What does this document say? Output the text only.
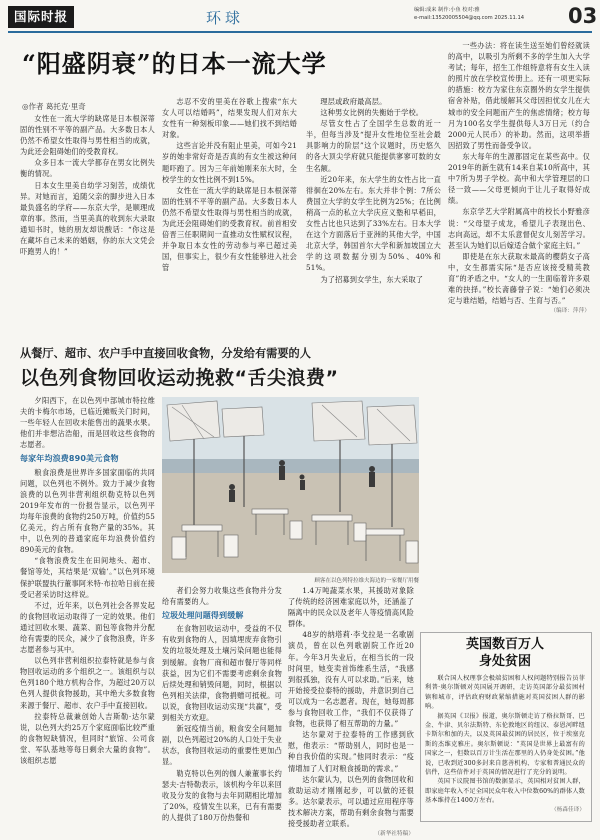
国际时报	环球	编辑:成来 制作:小鱼 校对:雅
e-mail:13520005504@qq.com 2025.11.14 03
“阳盛阴衰”的日本一流大学
◎作者 葛托克·里奇

女性在一流大学的缺席是日本根深蒂固的性别不平等的副产品。大多数日本人仍然不希望女性取得与男性相当的成就，为此还会阻碍她们的受教育权。

众多日本一流大学都存在男女比例失衡的情况。

日本女生里美自幼学习刻苦，成绩优异。对她而言，追随父亲的脚步进入日本最负盛名的学府——东京大学，是顺理成章的事。然而，当里美真的收到东大录取通知书时，她的朋友却说酸话：“你这是在藏坏自己未来的婚姻，你的东大文凭会吓跑男人的！”

志忍不安的里美在谷歌上搜索“东大女人可以结婚吗”，结果发现人们对东大女性有一种刻板印象——她们找不到结婚对象。

这些言论并没有阻止里美，可如今21岁的她非常好奇是否真的有女生被这种问题吓跑了。因为三年前她刚来东大时，全校学生的女性比例不到15%。

女性在一流大学的缺席是日本根深蒂固的性别不平等的副产品。大多数日本人仍然不希望女性取得与男性相当的成就，为此还会阻碍她们的受教育权。前首相安倍晋三任职期间一直推动女性赋权议程，并争取日本女性的劳动参与率已超过美国，但事实上，很少有女性能够进入社会管

理层或政府最高层。

这种男女比例的失衡始于学校。

尽管女性占了全国学生总数的近一半，但每当涉及“提升女性地位至社会最具影响力的阶层”这个议题时，历史悠久的各大顶尖学府就只能提供寥寥可数的女生名额。

近20年来，东大学生的女性占比一直徘徊在20%左右。东大并非个例：7所公费国立大学的女学生比例为25%；在比例稍高一点的私立大学庆应义塾和早稻田，女性占比也只达到了33%左右。日本大学在这个方面落后于亚洲的其他大学，中国北京大学，韩国首尔大学和新加坡国立大学的这项数据分别为50%、40%和51%。

为了招募到女学生，东大采取了

一些办法：将在读生送至她们曾经就读的高中，以吸引为所剩不多的学生加入大学考试；每年，招生工作组特意将有女生入读的照片放在学校宣传册上。还有一项更实际的措施：校方为家住东京圈外的女学生提供宿舍补贴，借此缓解其父母因担忧女儿在大城市的安全问题而产生的焦虑情绪；校方每月为100名女学生提供每人3万日元（约合2000元人民币）的补助。然而，这项举措因招致了男性而备受争议。

东大每年的生源都固定在某些高中。仅2019年的新生就有14来自某10所高中，其中7所为男子学校。高中和大学管理层的口径一致——父母更倾向于让儿子取得好成绩。

东京学艺大学附属高中的校长小野雅彦说：“父母望子成龙，希望儿子表现出色、志向高远，却不太乐意督促女儿刻苦学习。甚至认为她们以后嫁适合做个家庭主妇。”

即使是在东大获取未最高的樱荫女子高中，女生都需实际“是否应该接受精英教育”的矛盾之中。“女人的一生面临着许多艰难的抉择。”校长斋藤誉子说：“她们必须决定与谁结婚，结婚与否、生育与否。”

（编译：萍萍）

从餐厅、超市、农户手中直接回收食物，分发给有需要的人
以色列食物回收运动挽救“舌尖浪费”

夕阳西下，在以色列中部城市特拉维夫的卡梅尔市场，已临近摊贩关门时间，一些年轻人在回收未能售出的蔬果水果。他们并非想沾浩船，而是回收这些食物的志愿者。

每家年均浪费890美元食物

粮食浪费是世界许多国家面临的共同问题，以色列也不例外。致力于减少食物浪费的以色列非营利组织勒克特以色列2019年发布的一份报告显示，以色列平均每年浪费的食物约250万吨，价值约55亿美元，约占所有食物产量的35%。其中，以色列的普通家庭年均浪费价值约890美元的食物。

“食物浪费发生在田间地头、超市、餐馆等处，其结果是‘双输’。”以色列环境保护联盟执行董事阿米特·布拉哈日前在接受记者采访时这样说。

不过，近年来，以色列社会各界发起的食物回收运动取得了一定的效果。他们通过回收水果、蔬菜、面包等食物并分配给有需要的民众，减少了食物浪费，许多志愿者参与其中。

以色列非营利组织拉泰特就是参与食物回收运动的多个组织之一。该组织与以色列180个地方机构合作，为超过20万以色列人提供食物援助，其中绝大多数食物来源于餐厅、超市、农户手中直接回收。

拉泰特总裁兼创始人吉斯勒·达尔蒙说，以色列大约25万个家庭面临比较严重的食物短缺情况，但同时“旅馆、公司食堂、军队基地等每日剩余大量的食物”。该组织志愿

顾客在以色列特拉维夫海边的一家餐厅用餐

者们会努力收集这些食物并分发给有需要的人。

垃圾处理问题得到缓解

在食物回收运动中，受益的不仅有收到食物的人，因填埋废弃食物引发的垃圾处理及土壤污染问题也能得到缓解。食物厂商和超市餐厅等同样获益，因为它们不需要考虑剩余食物后续处理和销毁问题，同时，根据以色列相关法律，食物捐赠可抵税。可以说，食物回收运动实现“共赢”，受到相关方欢迎。

新冠疫情当前，粮食安全问题加剧，以色列超过20%的人口处于失业状态，食物回收运动的重要性更加凸显。

勒克特以色列的伽人兼董事长约瑟夫·吉特勒表示，该机构今年以来回收及分发的食物与去年同期相比增加了20%，疫情发生以来，已有有需要的人提供了180万份热餐和

1.4万吨蔬菜水果，其援助对象除了传统的经济困难家庭以外，还涵盖了隔离中的民众以及老年人等疫情高风险群体。

48岁的纳塔莉·李戈拉是一名歌剧演员，曾在以色列歌剧院工作近20年。今年3月失业后，在相当长的一段时间里，她变卖首饰维系生活，“我感到很孤独，没有人可以求助。”后来，她开始接受拉泰特的援助，并意识到自己可以成为一名志愿者。现在，她每周都参与食物回收工作，“我们不仅获得了食物，也获得了相互帮助的力量。”

达尔蒙对于拉泰特的工作感到欣慰，他表示：“帮助别人，同时也是一种自我价值的实现。”他同时表示：“疫情增加了人们对粮食援助的需求。”

达尔蒙认为，以色列的食物回收和救助运动才刚刚起步，可以做的还很多。达尔蒙表示，可以通过应用程序等技术解决方案，帮助有剩余食物与需要接受援助者立联系。

（新华社特稿）

英国数百万人
身处贫困

联合国人权理事会极端贫困和人权问题特别报告员菲利普·奥尔斯顿对英国展开调研，走访英国部分最贫困村镇和城市，评估政府财政紧缩措施对英国贫困人群的影响。

据英国《卫报》报道，奥尔斯顿走访了格拉斯哥、巴金、牛津、贝尔法斯特、东伦敦地区的纽汉、泰恩河畔纽卡斯尔和加的夫，以及英国最贫困的居民区，位于埃塞克斯的杰维克雅庄。奥尔斯顿说：“英国是世界上最富有的国家之一，但数以百万计生活在那里的人仍身处贫困。”他说，已收到近300多封来自慈善机构、专家和普通民众的信件，这些信件对于英国的情况进行了充分的说明。

英国下议院图书馆的数据显示，英国相对贫困人群，即家庭年收入不足全国民众年收入中位数60%的群体人数基本维持在1400万左右。

（杨森佳译）
